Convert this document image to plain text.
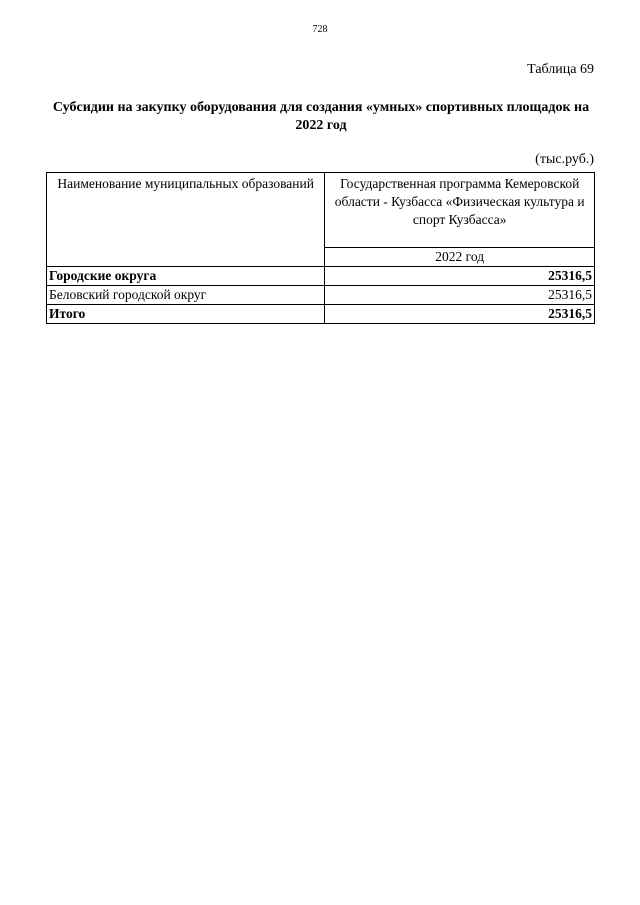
728
Таблица 69
Субсидии на закупку оборудования для создания «умных» спортивных площадок на 2022 год
(тыс.руб.)
Наименование муниципальных образований	Государственная программа Кемеровской области - Кузбасса «Физическая культура и спорт Кузбасса»
	2022 год
Городские округа	25316,5
Беловский городской округ	25316,5
Итого	25316,5
